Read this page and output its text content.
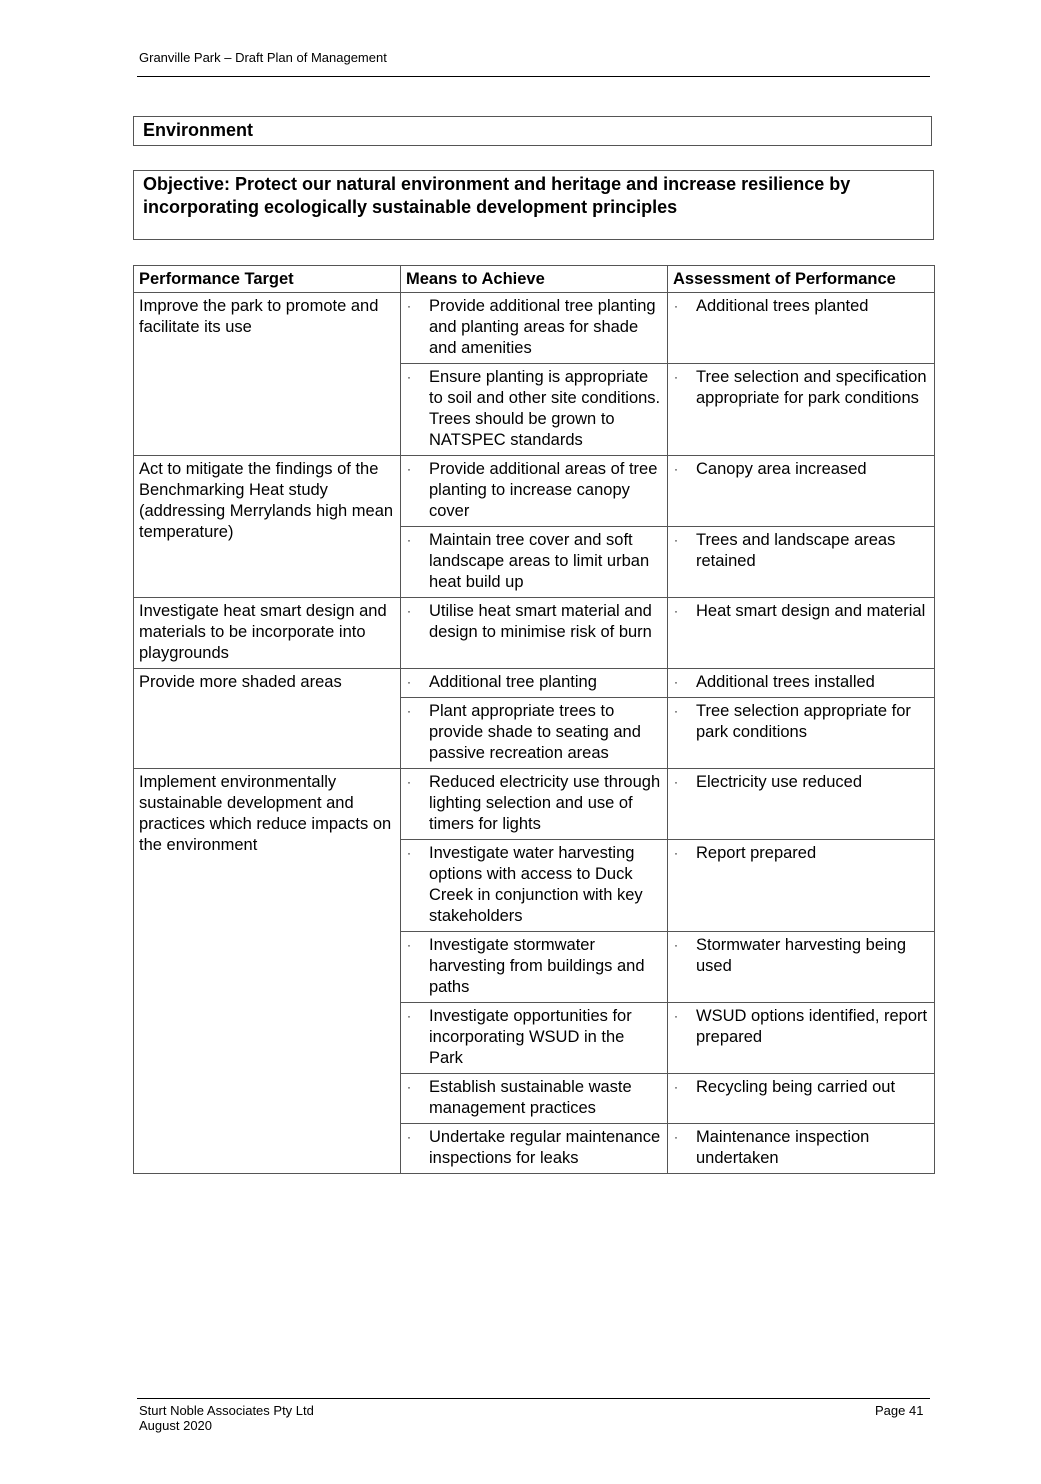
Granville Park – Draft Plan of Management
Environment
Objective: Protect our natural environment and heritage and increase resilience by incorporating ecologically sustainable development principles
Performance Target	Means to Achieve	Assessment of Performance
Improve the park to promote and facilitate its use	· Provide additional tree planting and planting areas for shade and amenities	· Additional trees planted

	· Ensure planting is appropriate to soil and other site conditions. Trees should be grown to NATSPEC standards	· Tree selection and specification appropriate for park conditions
Act to mitigate the findings of the Benchmarking Heat study (addressing Merrylands high mean temperature)	· Provide additional areas of tree planting to increase canopy cover	· Canopy area increased

	· Maintain tree cover and soft landscape areas to limit urban heat build up	· Trees and landscape areas retained
Investigate heat smart design and materials to be incorporate into playgrounds	· Utilise heat smart material and design to minimise risk of burn	· Heat smart design and material
Provide more shaded areas	· Additional tree planting	· Additional trees installed

	· Plant appropriate trees to provide shade to seating and passive recreation areas	· Tree selection appropriate for park conditions
Implement environmentally sustainable development and practices which reduce impacts on the environment	· Reduced electricity use through lighting selection and use of timers for lights	· Electricity use reduced

	· Investigate water harvesting options with access to Duck Creek in conjunction with key stakeholders	· Report prepared

	· Investigate stormwater harvesting from buildings and paths	· Stormwater harvesting being used

	· Investigate opportunities for incorporating WSUD in the Park	· WSUD options identified, report prepared

	· Establish sustainable waste management practices	· Recycling being carried out

	· Undertake regular maintenance inspections for leaks	· Maintenance inspection undertaken
Sturt Noble Associates Pty Ltd
August 2020
Page 41
